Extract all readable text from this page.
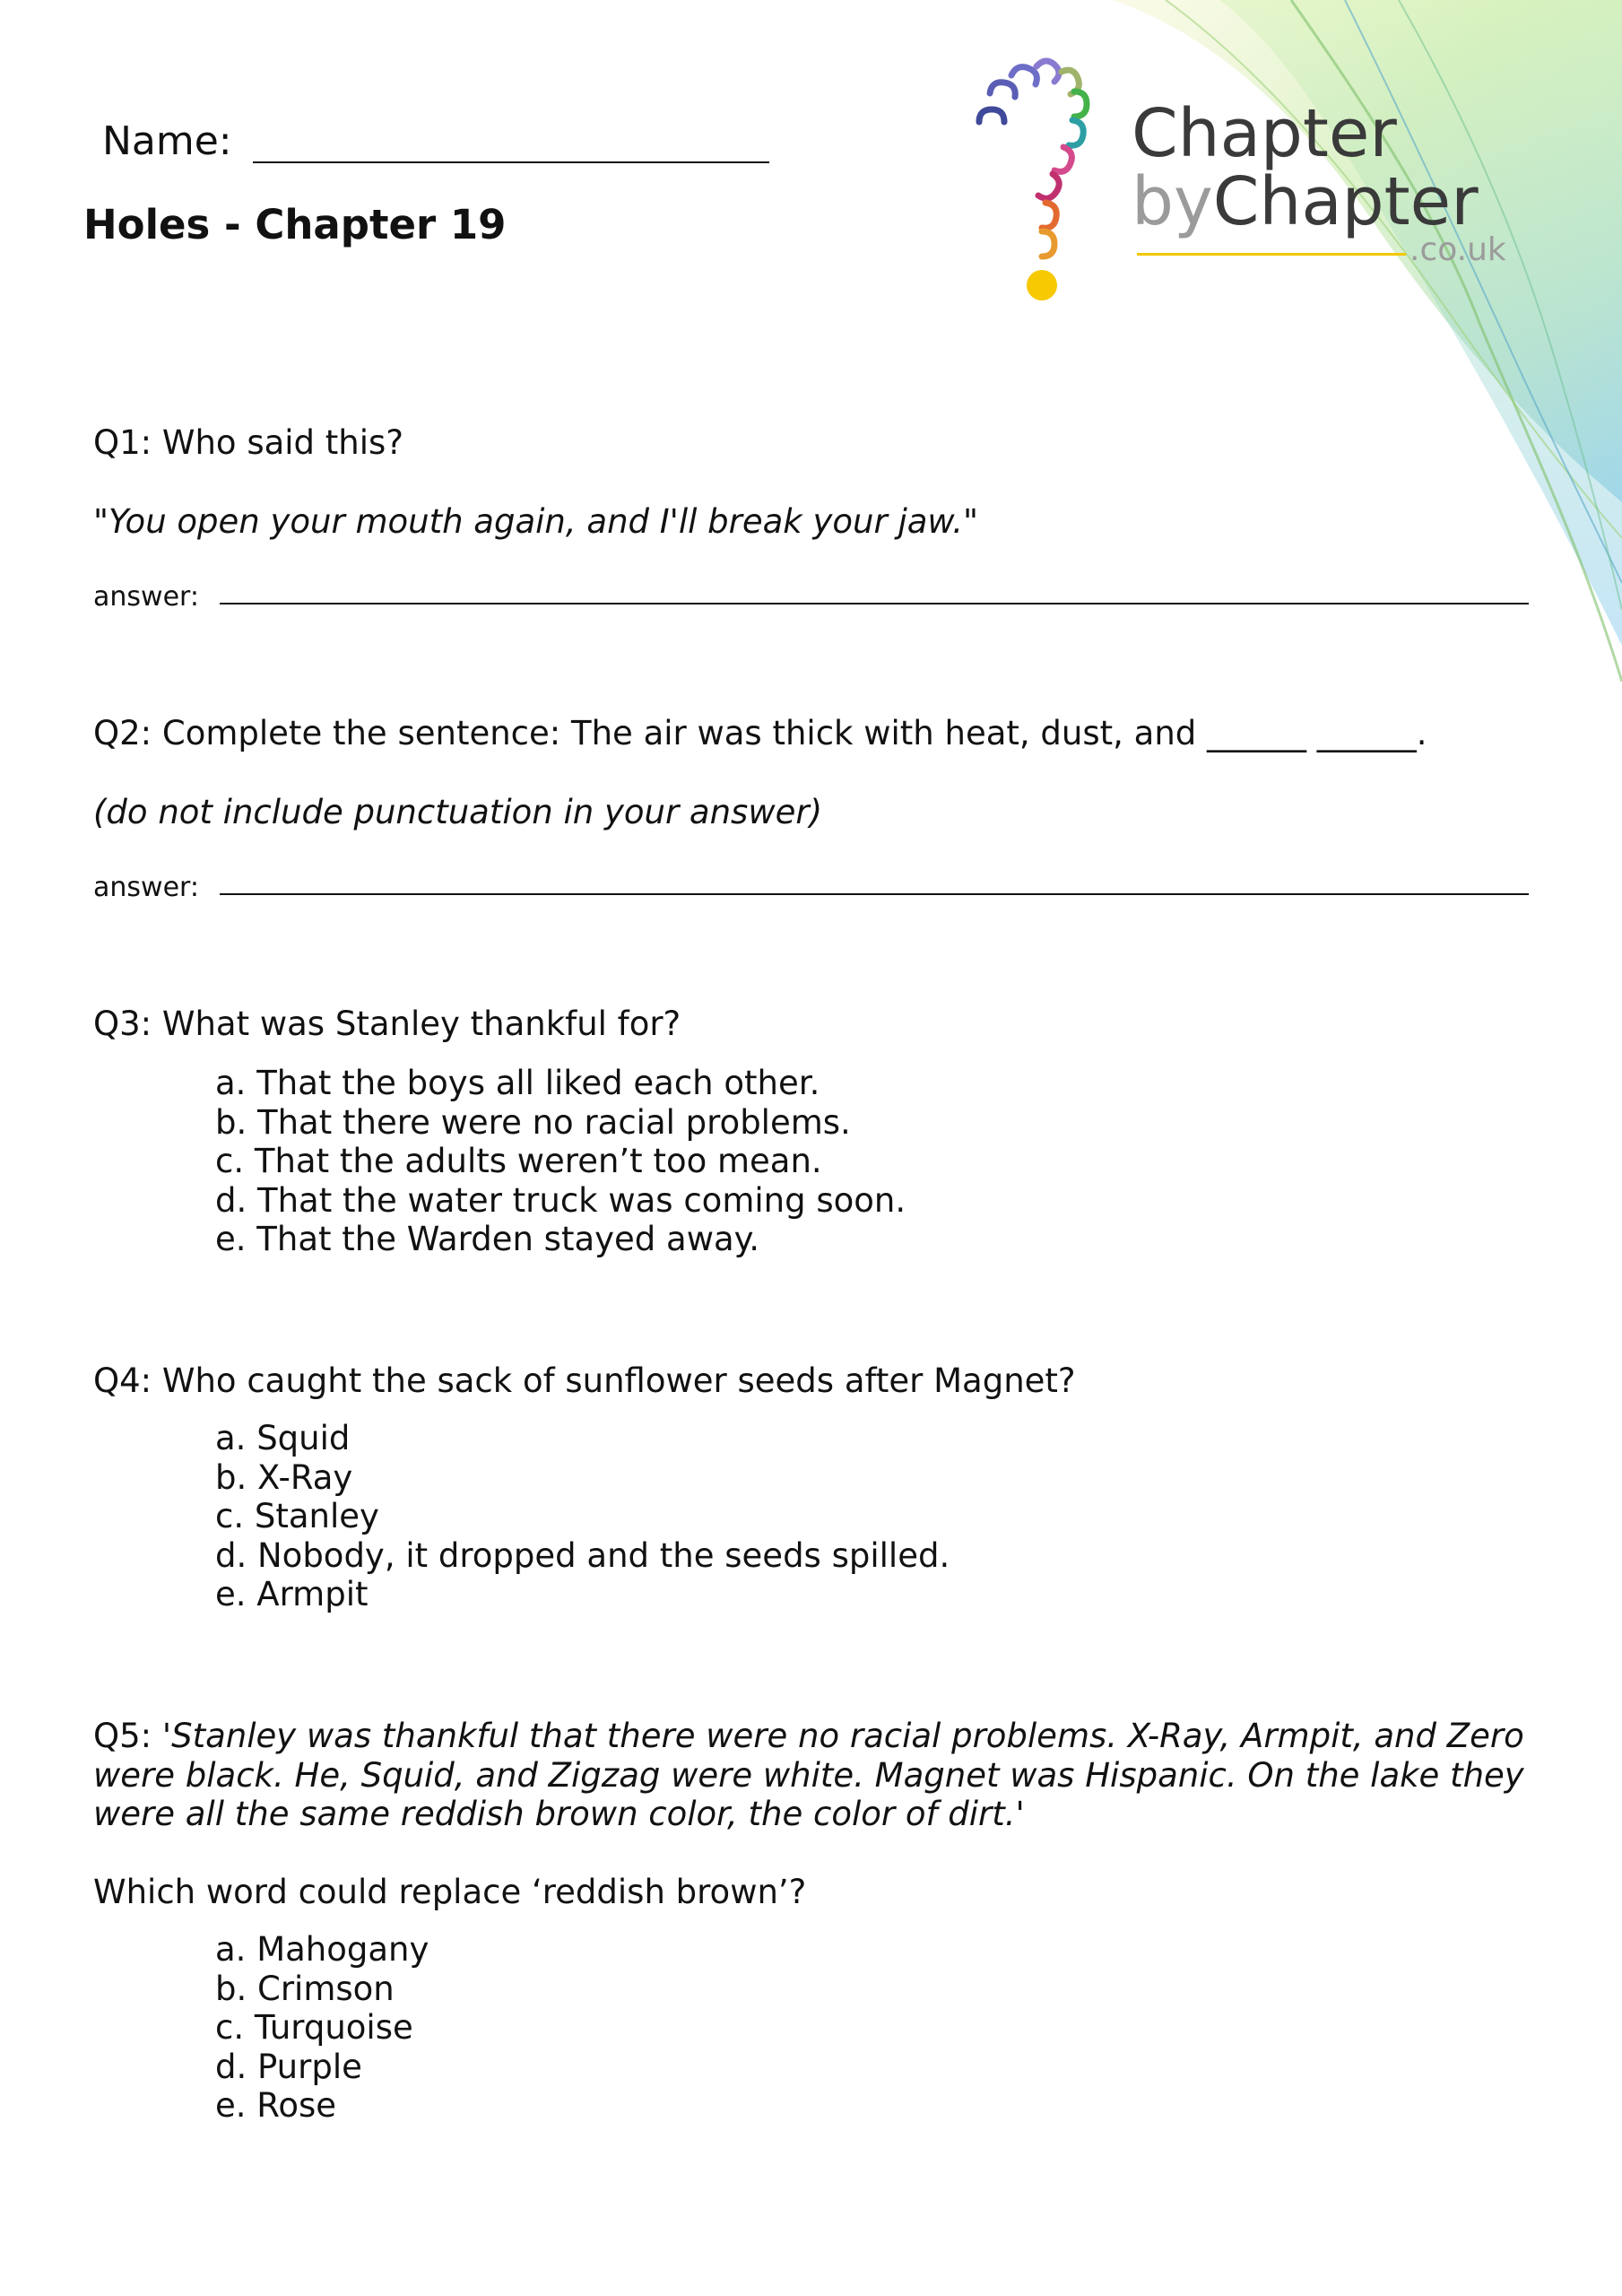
Chapter
byChapter
.co.uk
Name:
Holes - Chapter 19
Q1: Who said this?
"You open your mouth again, and I'll break your jaw."
answer:
Q2: Complete the sentence: The air was thick with heat, dust, and ______ ______.
(do not include punctuation in your answer)
answer:
Q3: What was Stanley thankful for?
a. That the boys all liked each other.
b. That there were no racial problems.
c. That the adults weren’t too mean.
d. That the water truck was coming soon.
e. That the Warden stayed away.
Q4: Who caught the sack of sunflower seeds after Magnet?
a. Squid
b. X-Ray
c. Stanley
d. Nobody, it dropped and the seeds spilled.
e. Armpit
Q5: 'Stanley was thankful that there were no racial problems. X-Ray, Armpit, and Zero were black. He, Squid, and Zigzag were white. Magnet was Hispanic. On the lake they were all the same reddish brown color, the color of dirt.'
Which word could replace ‘reddish brown’?
a. Mahogany
b. Crimson
c. Turquoise
d. Purple
e. Rose
